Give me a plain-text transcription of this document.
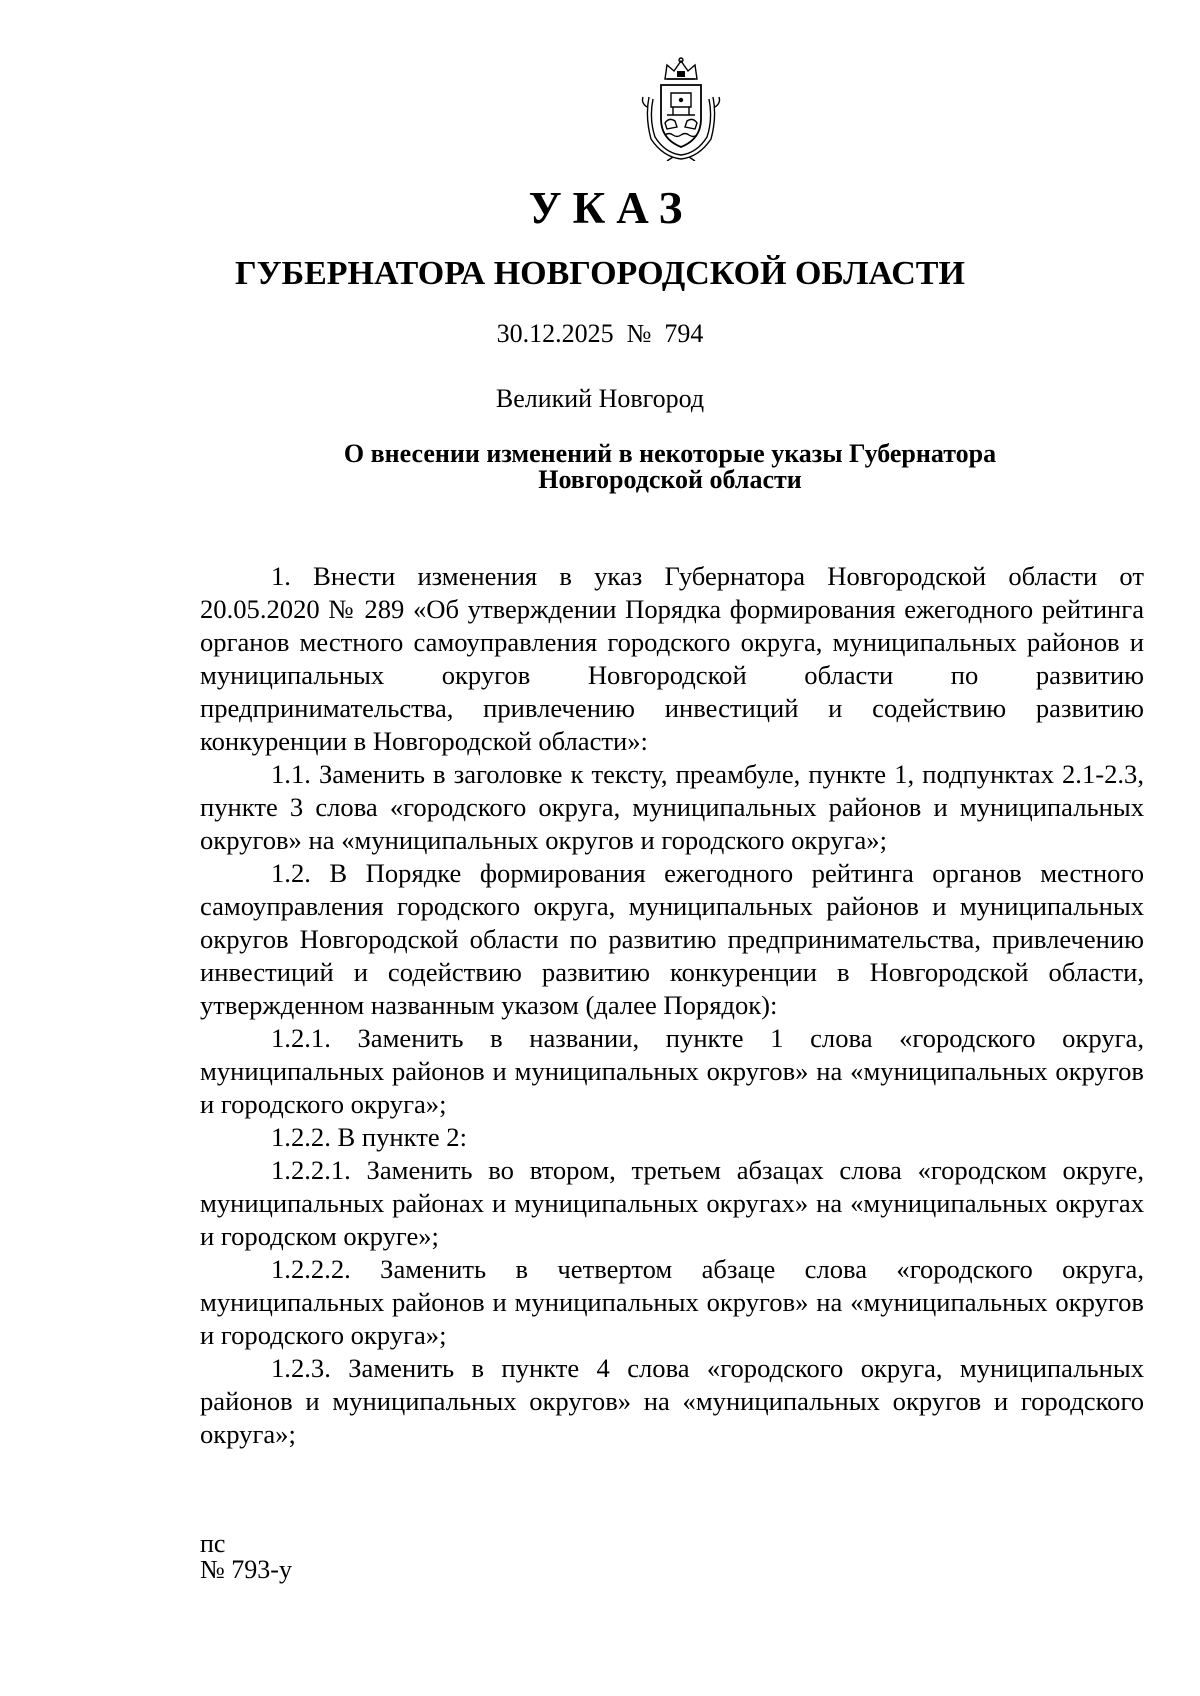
УКАЗ
ГУБЕРНАТОРА НОВГОРОДСКОЙ ОБЛАСТИ
30.12.2025 № 794
Великий Новгород
О внесении изменений в некоторые указы Губернатора
Новгородской области

1. Внести изменения в указ Губернатора Новгородской области от 20.05.2020 № 289 «Об утверждении Порядка формирования ежегодного рейтинга органов местного самоуправления городского округа, муниципальных районов и муниципальных округов Новгородской области по развитию предпринимательства, привлечению инвестиций и содействию развитию конкуренции в Новгородской области»:

1.1. Заменить в заголовке к тексту, преамбуле, пункте 1, подпунктах 2.1-2.3, пункте 3 слова «городского округа, муниципальных районов и муниципальных округов» на «муниципальных округов и городского округа»;

1.2. В Порядке формирования ежегодного рейтинга органов местного самоуправления городского округа, муниципальных районов и муниципальных округов Новгородской области по развитию предпринимательства, привлечению инвестиций и содействию развитию конкуренции в Новгородской области, утвержденном названным указом (далее Порядок):

1.2.1. Заменить в названии, пункте 1 слова «городского округа, муниципальных районов и муниципальных округов» на «муниципальных округов и городского округа»;

1.2.2. В пункте 2:

1.2.2.1. Заменить во втором, третьем абзацах слова «городском округе, муниципальных районах и муниципальных округах» на «муниципальных округах и городском округе»;

1.2.2.2. Заменить в четвертом абзаце слова «городского округа, муниципальных районов и муниципальных округов» на «муниципальных округов и городского округа»;

1.2.3. Заменить в пункте 4 слова «городского округа, муниципальных районов и муниципальных округов» на «муниципальных округов и городского округа»;

пс
№ 793-у
